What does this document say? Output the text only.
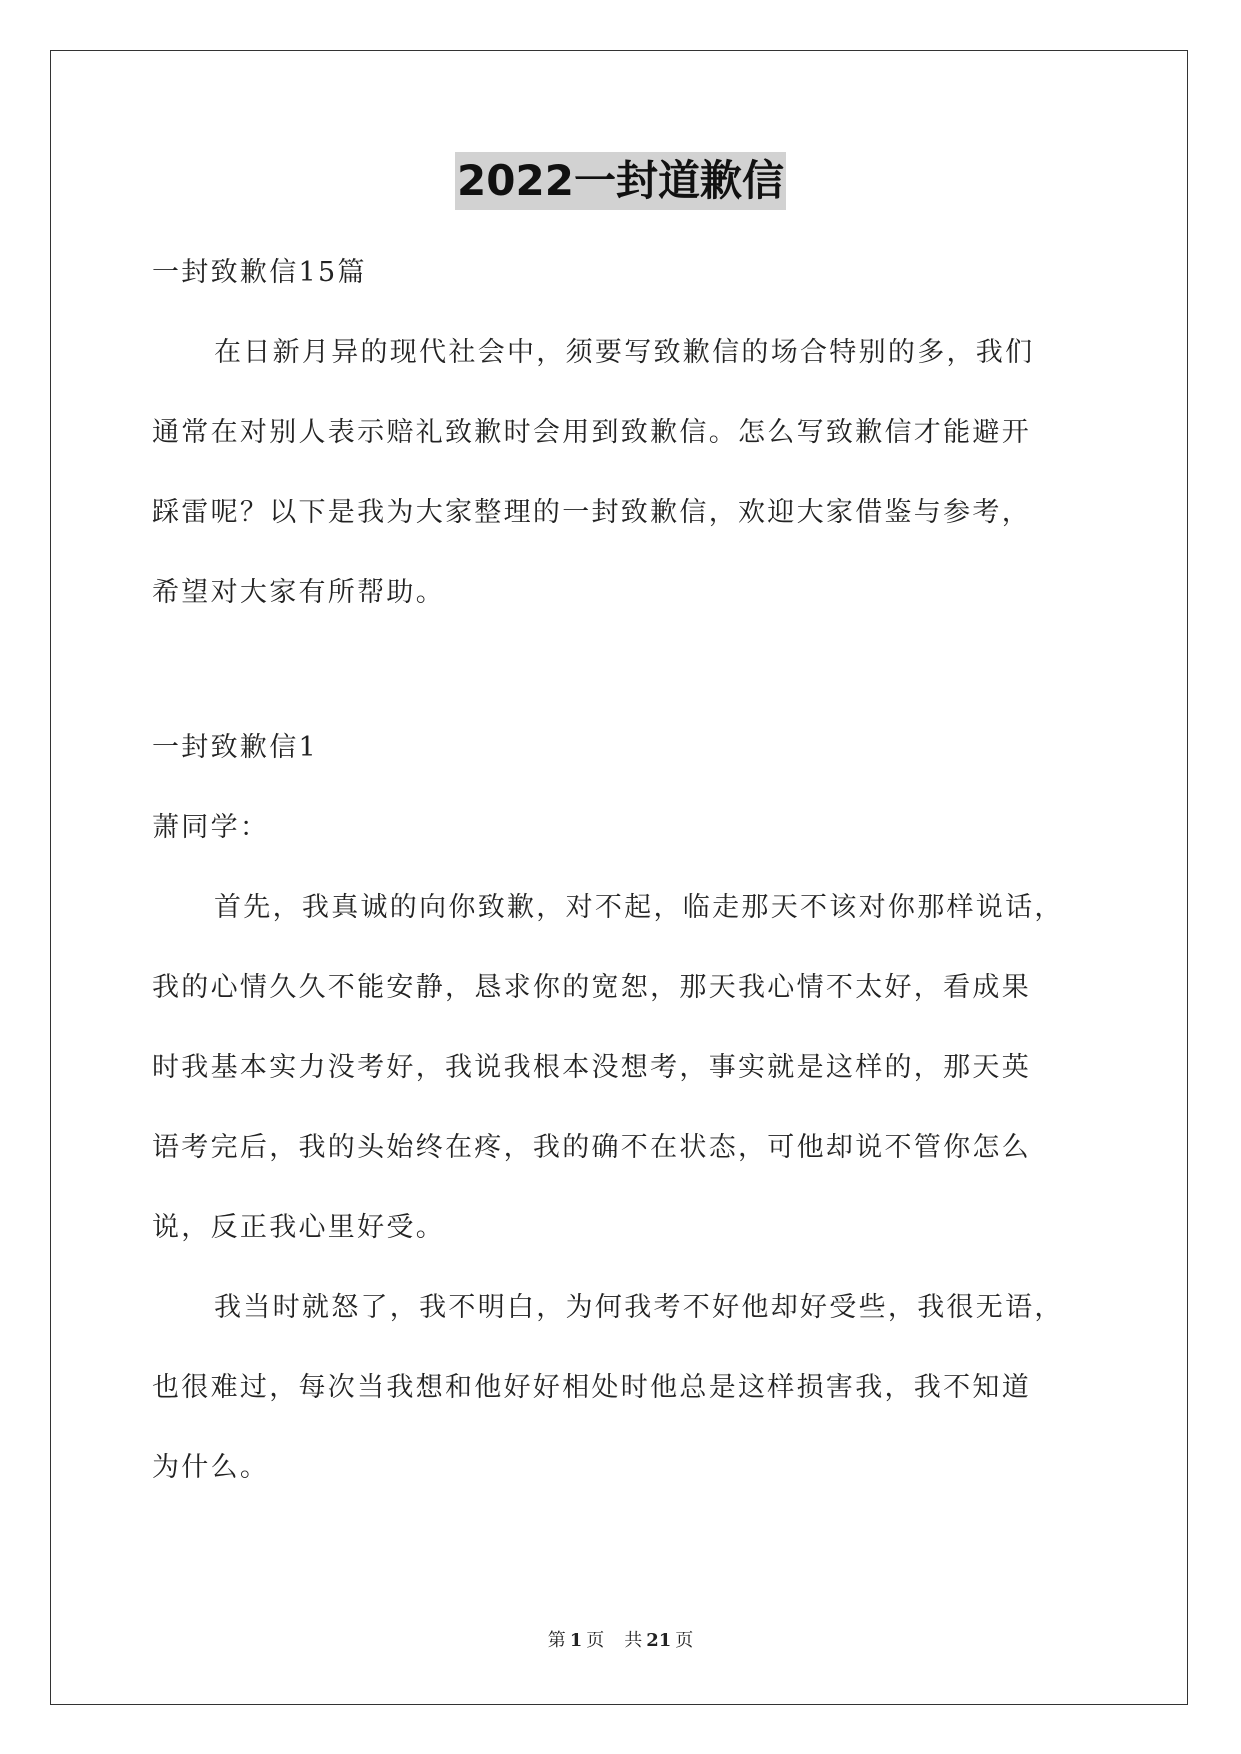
2022一封道歉信
一封致歉信15篇
在日新月异的现代社会中，须要写致歉信的场合特别的多，我们
通常在对别人表示赔礼致歉时会用到致歉信。怎么写致歉信才能避开
踩雷呢？以下是我为大家整理的一封致歉信，欢迎大家借鉴与参考，
希望对大家有所帮助。
一封致歉信1
萧同学：
首先，我真诚的向你致歉，对不起，临走那天不该对你那样说话，
我的心情久久不能安静，恳求你的宽恕，那天我心情不太好，看成果
时我基本实力没考好，我说我根本没想考，事实就是这样的，那天英
语考完后，我的头始终在疼，我的确不在状态，可他却说不管你怎么
说，反正我心里好受。
我当时就怒了，我不明白，为何我考不好他却好受些，我很无语，
也很难过，每次当我想和他好好相处时他总是这样损害我，我不知道
为什么。
第 1 页 共 21 页
